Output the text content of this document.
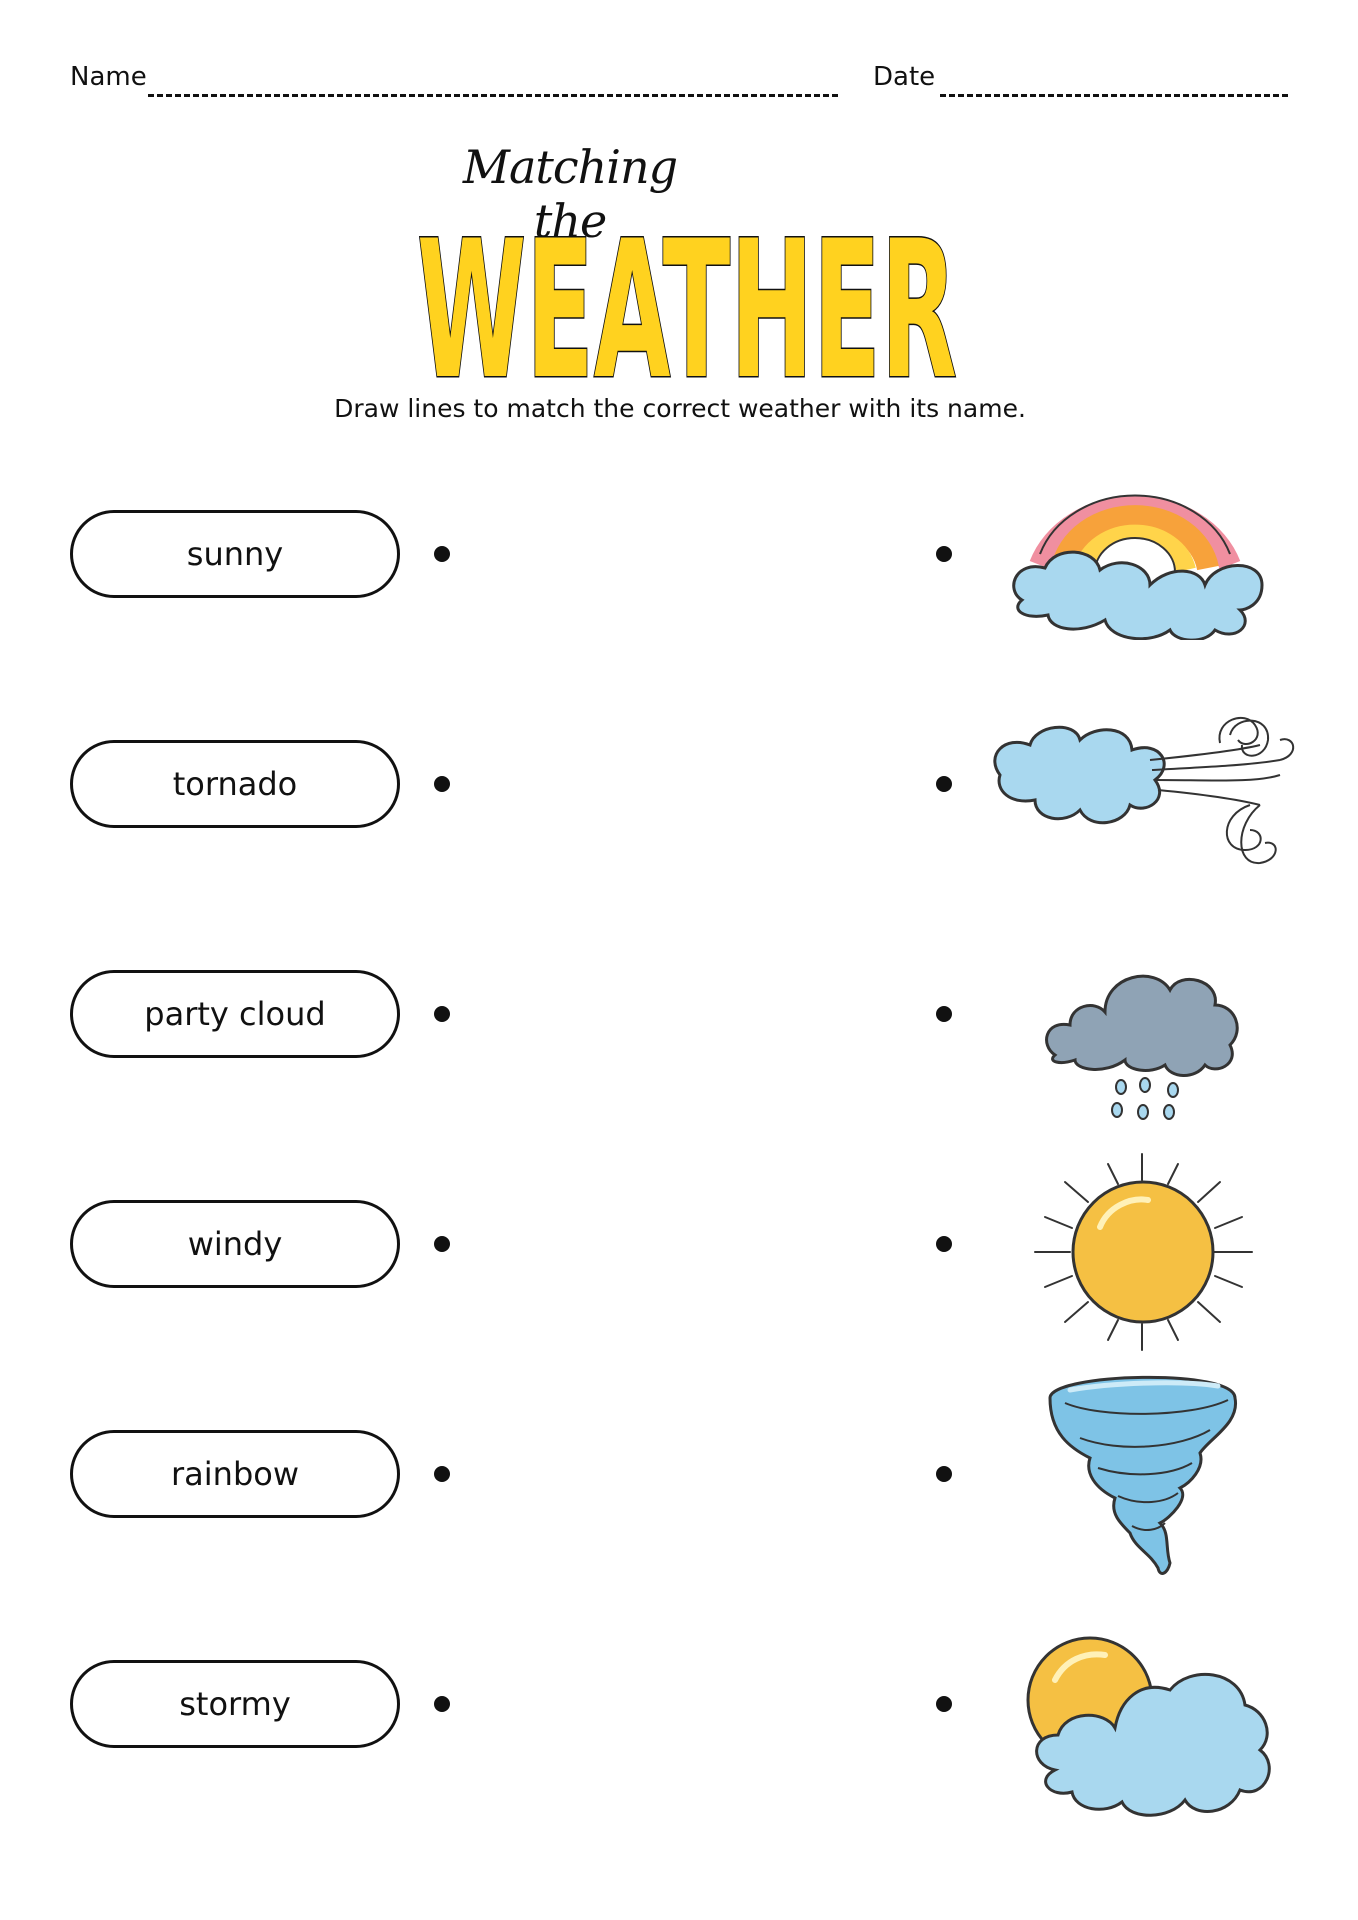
Name	Date
Matching the
WEATHER
Draw lines to match the correct weather with its name.
sunny
tornado
party cloud
windy
rainbow
stormy
